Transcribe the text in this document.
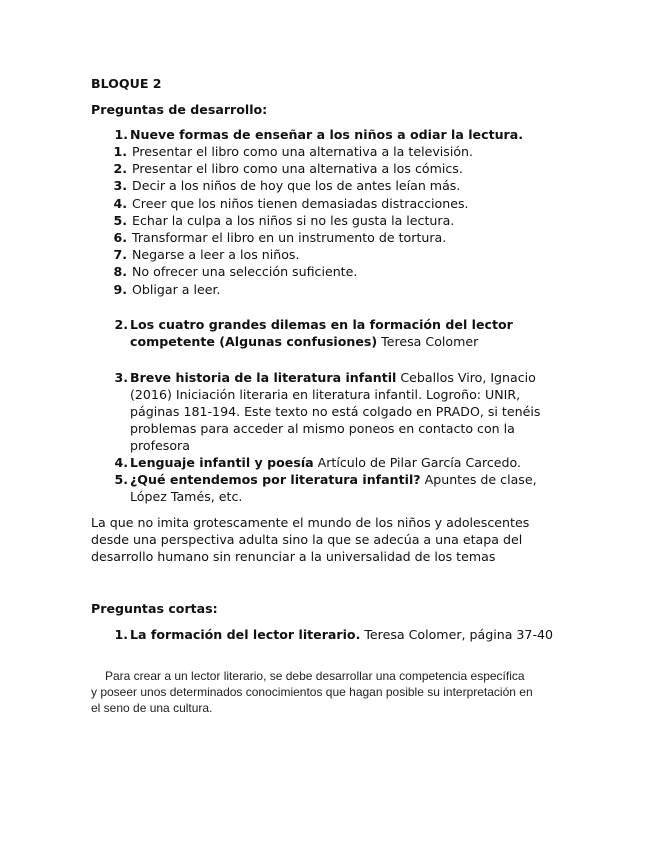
BLOQUE 2
Preguntas de desarrollo:
1. Nueve formas de enseñar a los niños a odiar la lectura.
1. Presentar el libro como una alternativa a la televisión.
2. Presentar el libro como una alternativa a los cómics.
3. Decir a los niños de hoy que los de antes leían más.
4. Creer que los niños tienen demasiadas distracciones.
5. Echar la culpa a los niños si no les gusta la lectura.
6. Transformar el libro en un instrumento de tortura.
7. Negarse a leer a los niños.
8. No ofrecer una selección suficiente.
9. Obligar a leer.
2. Los cuatro grandes dilemas en la formación del lector
competente (Algunas confusiones) Teresa Colomer
3. Breve historia de la literatura infantil Ceballos Viro, Ignacio
(2016) Iniciación literaria en literatura infantil. Logroño: UNIR,
páginas 181-194. Este texto no está colgado en PRADO, si tenéis
problemas para acceder al mismo poneos en contacto con la
profesora
4. Lenguaje infantil y poesía Artículo de Pilar García Carcedo.
5. ¿Qué entendemos por literatura infantil? Apuntes de clase,
López Tamés, etc.
La que no imita grotescamente el mundo de los niños y adolescentes
desde una perspectiva adulta sino la que se adecúa a una etapa del
desarrollo humano sin renunciar a la universalidad de los temas
Preguntas cortas:
1. La formación del lector literario. Teresa Colomer, página 37-40
Para crear a un lector literario, se debe desarrollar una competencia específica
y poseer unos determinados conocimientos que hagan posible su interpretación en
el seno de una cultura.
